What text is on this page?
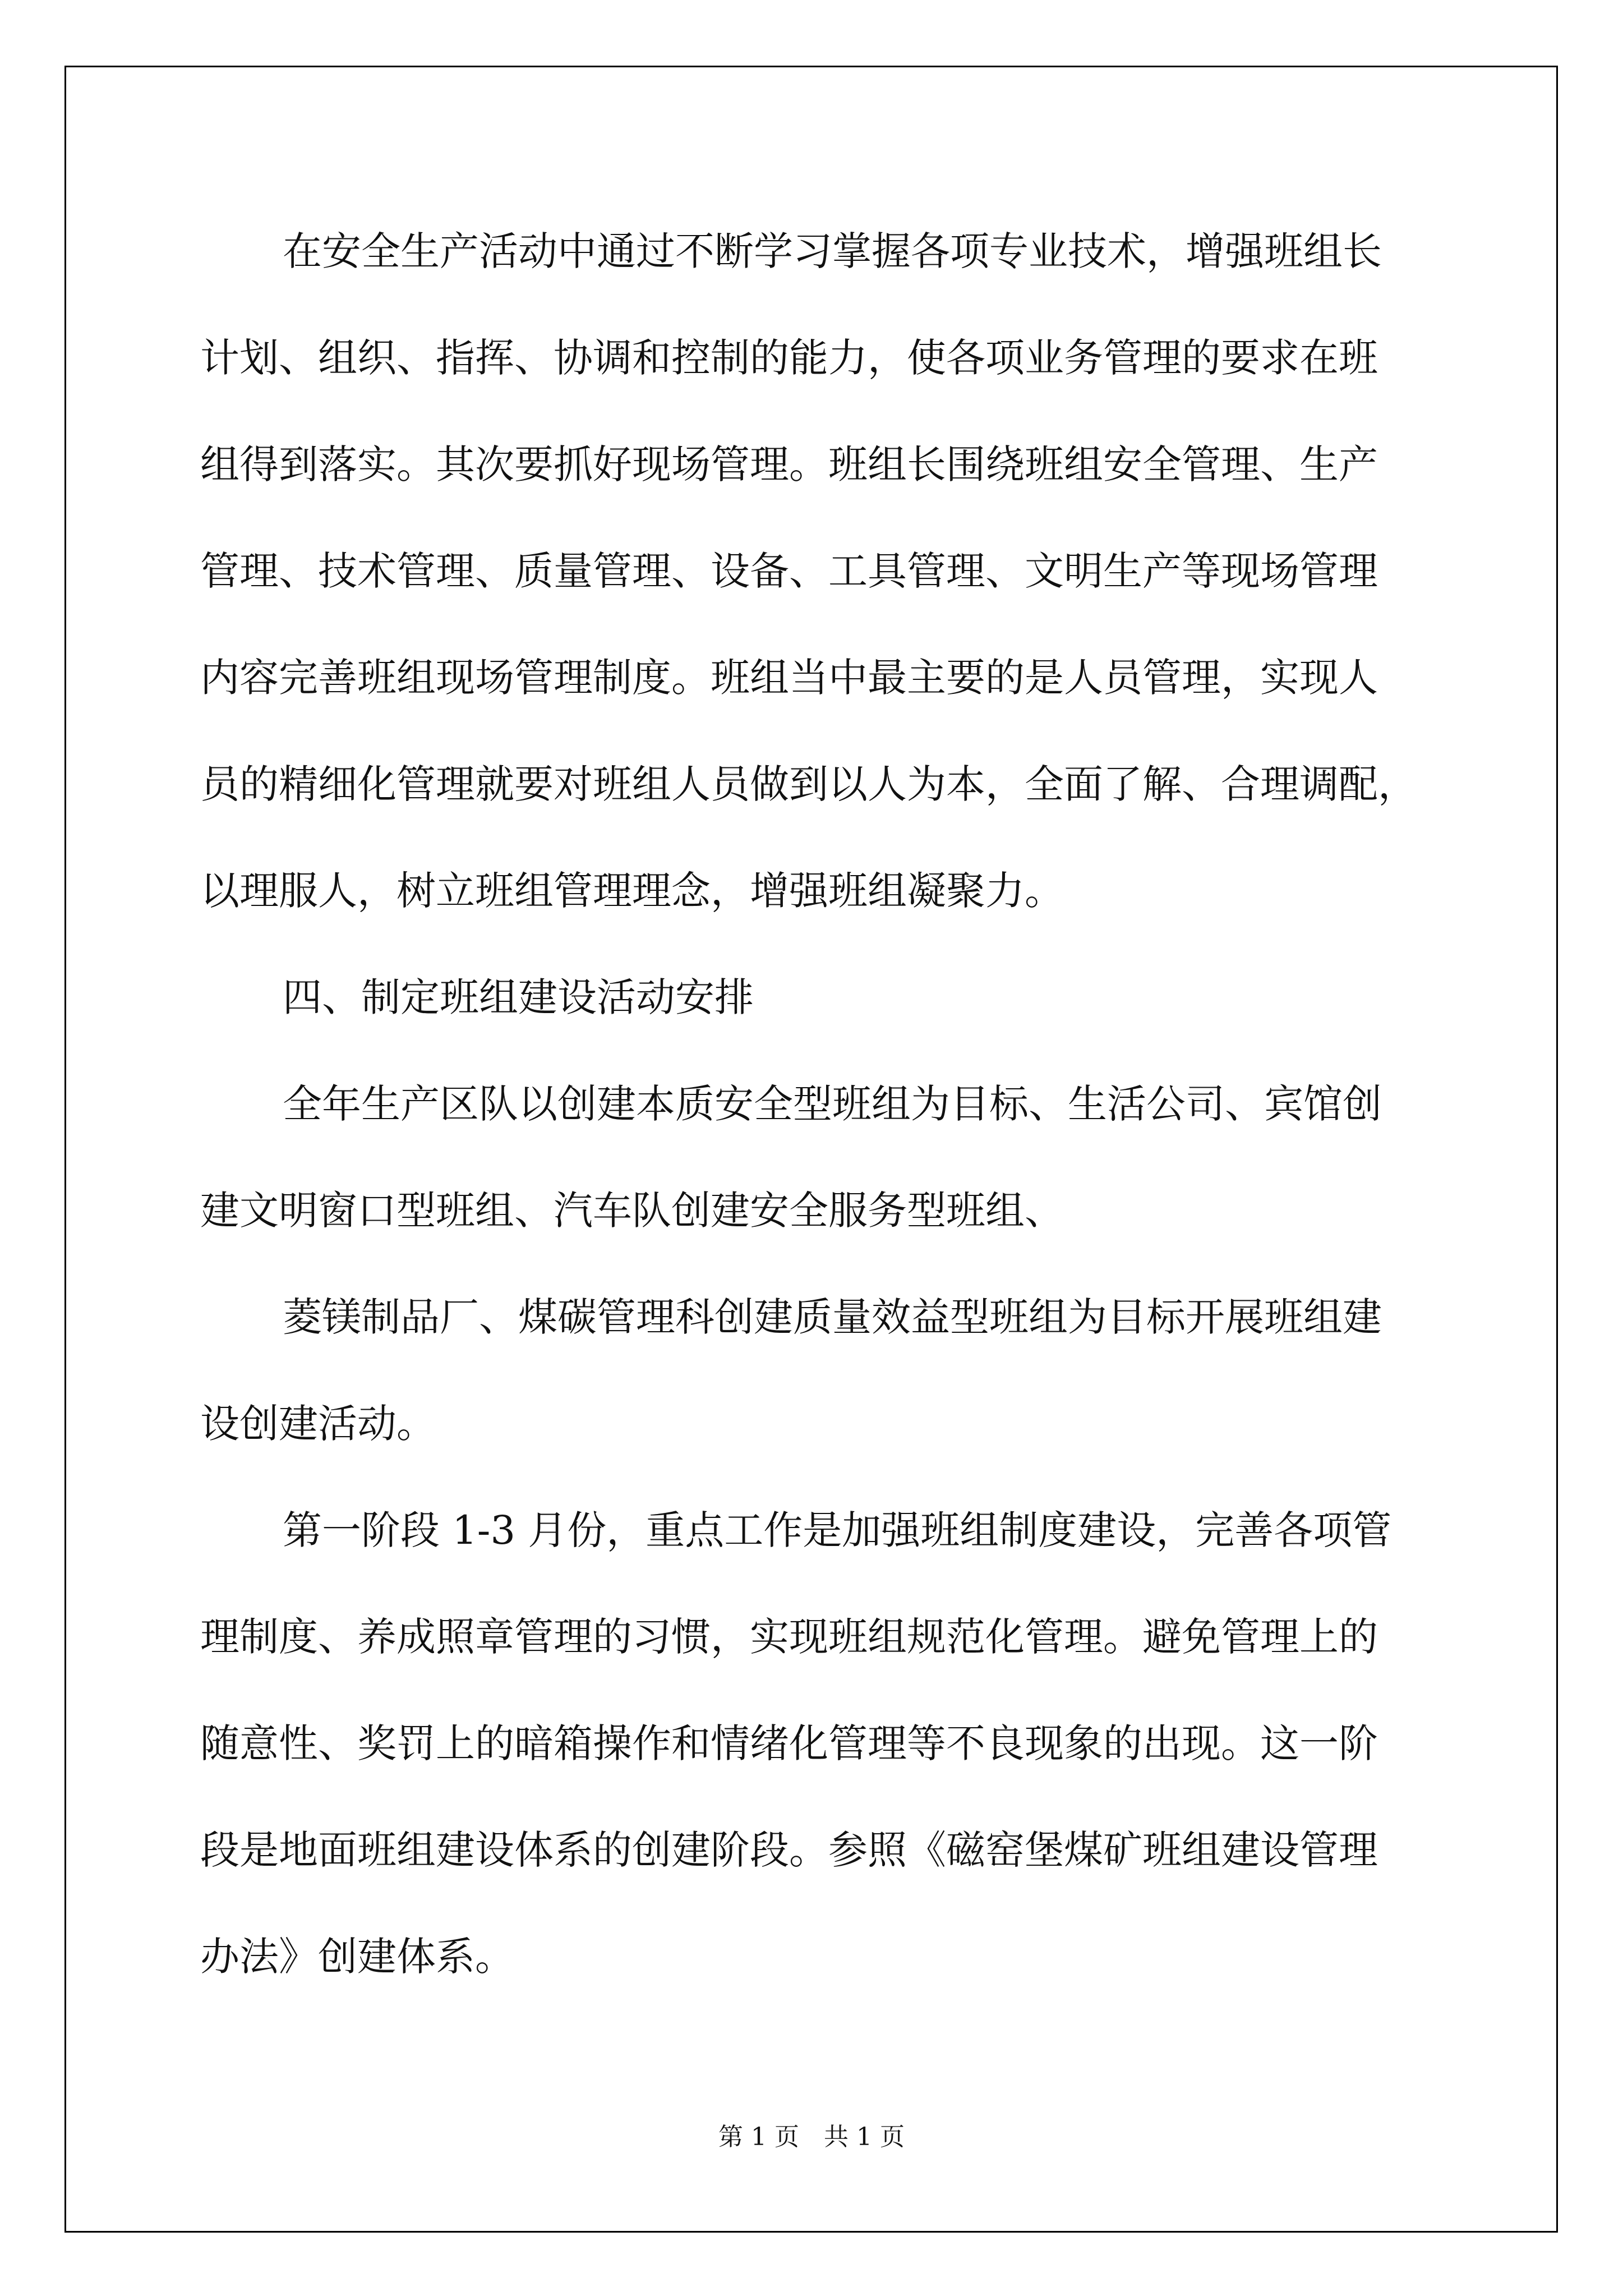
在安全生产活动中通过不断学习掌握各项专业技术，增强班组长
计划、组织、指挥、协调和控制的能力，使各项业务管理的要求在班
组得到落实。其次要抓好现场管理。班组长围绕班组安全管理、生产
管理、技术管理、质量管理、设备、工具管理、文明生产等现场管理
内容完善班组现场管理制度。班组当中最主要的是人员管理，实现人
员的精细化管理就要对班组人员做到以人为本，全面了解、合理调配，
以理服人，树立班组管理理念，增强班组凝聚力。
四、制定班组建设活动安排
全年生产区队以创建本质安全型班组为目标、生活公司、宾馆创
建文明窗口型班组、汽车队创建安全服务型班组、
菱镁制品厂、煤碳管理科创建质量效益型班组为目标开展班组建
设创建活动。
第一阶段 1-3 月份，重点工作是加强班组制度建设，完善各项管
理制度、养成照章管理的习惯，实现班组规范化管理。避免管理上的
随意性、奖罚上的暗箱操作和情绪化管理等不良现象的出现。这一阶
段是地面班组建设体系的创建阶段。参照《磁窑堡煤矿班组建设管理
办法》创建体系。
第 1 页　共 1 页
